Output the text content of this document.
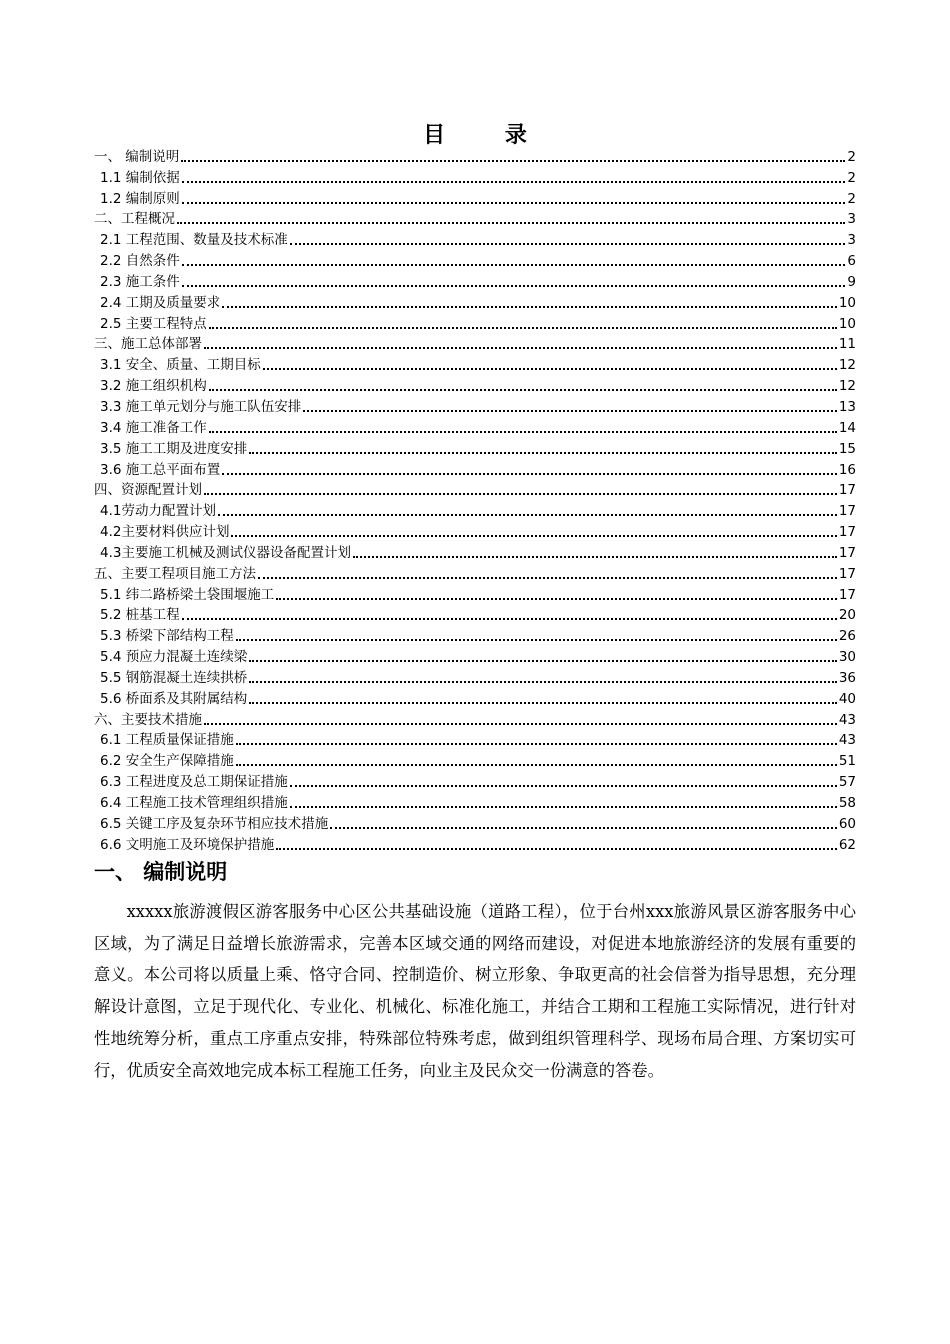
目 录
一、 编制说明	2
1.1 编制依据	2
1.2 编制原则	2
二、工程概况	3
2.1 工程范围、数量及技术标准	3
2.2 自然条件	6
2.3 施工条件	9
2.4 工期及质量要求	10
2.5 主要工程特点	10
三、施工总体部署	11
3.1 安全、质量、工期目标	12
3.2 施工组织机构	12
3.3 施工单元划分与施工队伍安排	13
3.4 施工准备工作	14
3.5 施工工期及进度安排	15
3.6 施工总平面布置	16
四、资源配置计划	17
4.1劳动力配置计划	17
4.2主要材料供应计划	17
4.3主要施工机械及测试仪器设备配置计划	17
五、主要工程项目施工方法	17
5.1 纬二路桥梁土袋围堰施工	17
5.2 桩基工程	20
5.3 桥梁下部结构工程	26
5.4 预应力混凝土连续梁	30
5.5 钢筋混凝土连续拱桥	36
5.6 桥面系及其附属结构	40
六、主要技术措施	43
6.1 工程质量保证措施	43
6.2 安全生产保障措施	51
6.3 工程进度及总工期保证措施	57
6.4 工程施工技术管理组织措施	58
6.5 关键工序及复杂环节相应技术措施	60
6.6 文明施工及环境保护措施	62
一、 编制说明

xxxxx旅游渡假区游客服务中心区公共基础设施（道路工程），位于台州xxx旅游风景区游客服务中心区域，为了满足日益增长旅游需求，完善本区域交通的网络而建设，对促进本地旅游经济的发展有重要的意义。本公司将以质量上乘、恪守合同、控制造价、树立形象、争取更高的社会信誉为指导思想，充分理解设计意图，立足于现代化、专业化、机械化、标准化施工，并结合工期和工程施工实际情况，进行针对性地统筹分析，重点工序重点安排，特殊部位特殊考虑，做到组织管理科学、现场布局合理、方案切实可行，优质安全高效地完成本标工程施工任务，向业主及民众交一份满意的答卷。
